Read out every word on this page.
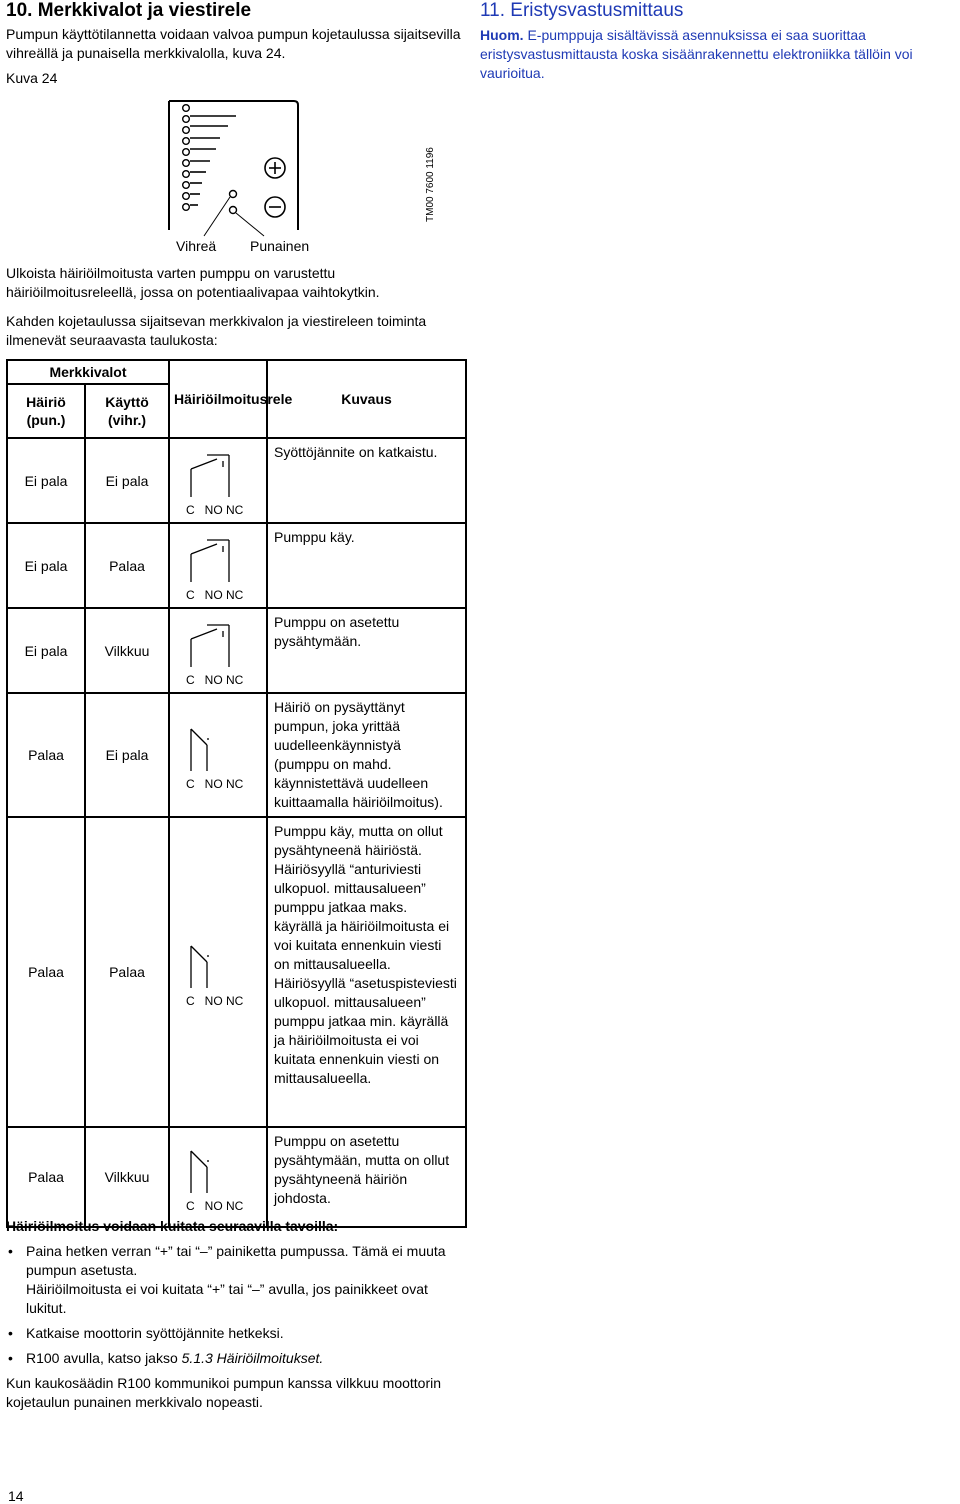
10. Merkkivalot ja viestirele

Pumpun käyttötilannetta voidaan valvoa pumpun kojetaulussa sijaitsevilla vihreällä ja punaisella merkkivalolla, kuva 24.

Kuva 24

Vihreä Punainen
TM00 7600 1196

Ulkoista häiriöilmoitusta varten pumppu on varustettu häiriöilmoitusreleellä, jossa on potentiaalivapaa vaihtokytkin.

Kahden kojetaulussa sijaitsevan merkkivalon ja viestireleen toiminta ilmenevät seuraavasta taulukosta:

Merkkivalot		Häiriöilmoitusrele	Kuvaus
Häiriö (pun.)	Käyttö (vihr.)		
Ei pala	Ei pala	C   NO NC	Syöttöjännite on katkaistu.

Ei pala	Palaa	C   NO NC	Pumppu käy.

Ei pala	Vilkkuu	C   NO NC	Pumppu on asetettu pysähtymään.

Palaa	Ei pala	C   NO NC	Häiriö on pysäyttänyt pumpun, joka yrittää uudelleenkäynnistyä (pumppu on mahd. käynnistettävä uudelleen kuittaamalla häiriöilmoitus).

Palaa	Palaa	C   NO NC	Pumppu käy, mutta on ollut pysähtyneenä häiriöstä. Häiriösyyllä “anturiviesti ulkopuol. mittausalueen” pumppu jatkaa maks. käyrällä ja häiriöilmoitusta ei voi kuitata ennenkuin viesti on mittausalueella. Häiriösyyllä “asetuspisteviesti ulkopuol. mittausalueen” pumppu jatkaa min. käyrällä ja häiriöilmoitusta ei voi kuitata ennenkuin viesti on mittausalueella.

Palaa	Vilkkuu	C   NO NC	Pumppu on asetettu pysähtymään, mutta on ollut pysähtyneenä häiriön johdosta.
11. Eristysvastusmittaus

Huom. E-pumppuja sisältävissä asennuksissa ei saa suorittaa eristysvastusmittausta koska sisäänrakennettu elektroniikka tällöin voi vaurioitua.

Häiriöilmoitus voidaan kuitata seuraavilla tavoilla:

• Paina hetken verran “+” tai “–” painiketta pumpussa. Tämä ei muuta pumpun asetusta.
Häiriöilmoitusta ei voi kuitata “+” tai “–” avulla, jos painikkeet ovat lukitut.
• Katkaise moottorin syöttöjännite hetkeksi.
• R100 avulla, katso jakso 5.1.3 Häiriöilmoitukset.

Kun kaukosäädin R100 kommunikoi pumpun kanssa vilkkuu moottorin kojetaulun punainen merkkivalo nopeasti.

14
